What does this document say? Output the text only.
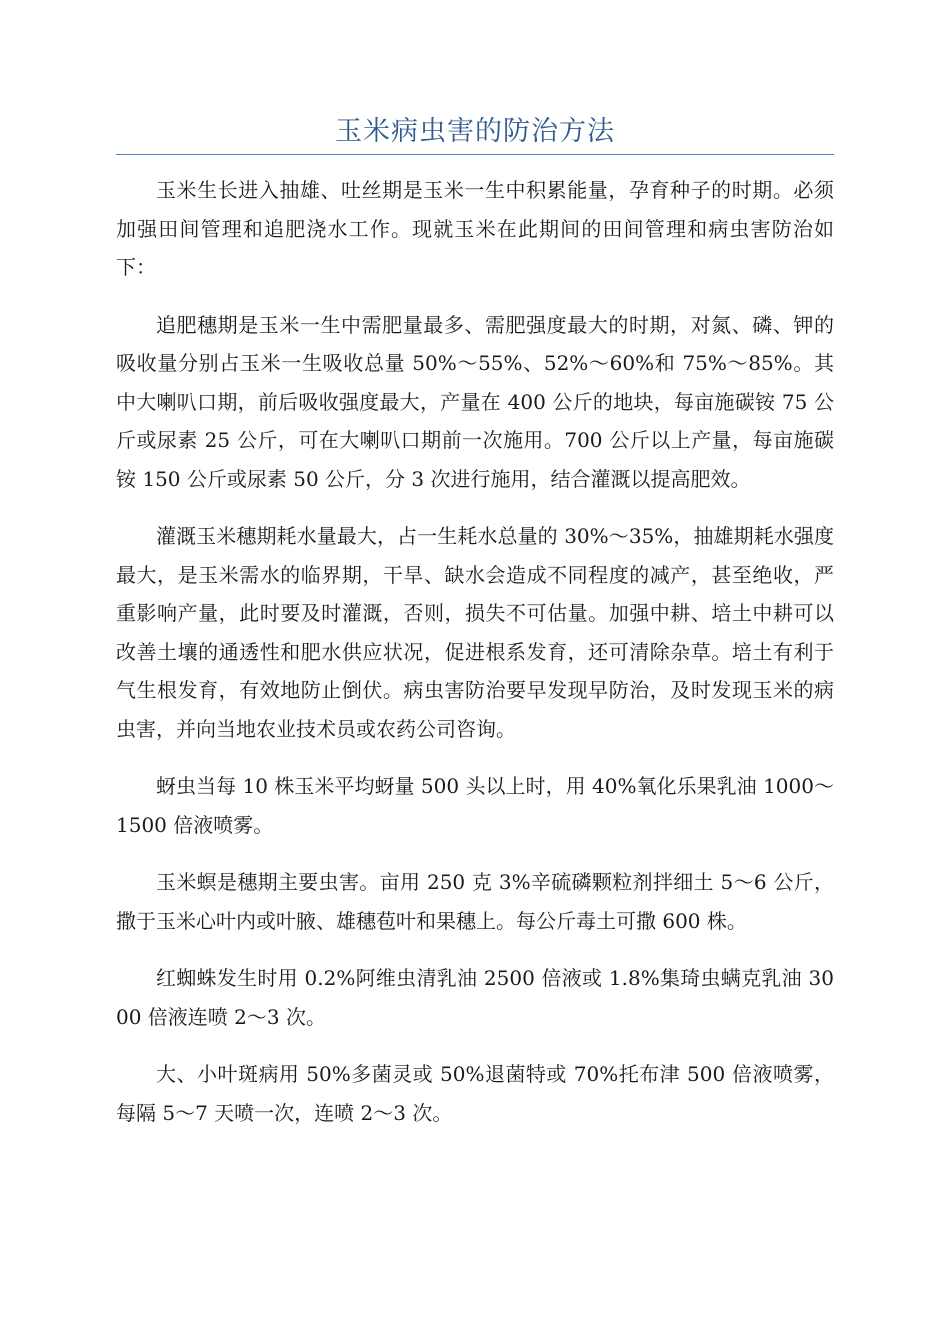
玉米病虫害的防治方法

玉米生长进入抽雄、吐丝期是玉米一生中积累能量，孕育种子的时期。必须加强田间管理和追肥浇水工作。现就玉米在此期间的田间管理和病虫害防治如下：

追肥穗期是玉米一生中需肥量最多、需肥强度最大的时期，对氮、磷、钾的吸收量分别占玉米一生吸收总量 50%～55%、52%～60%和 75%～85%。其中大喇叭口期，前后吸收强度最大，产量在 400 公斤的地块，每亩施碳铵 75 公斤或尿素 25 公斤，可在大喇叭口期前一次施用。700 公斤以上产量，每亩施碳铵 150 公斤或尿素 50 公斤，分 3 次进行施用，结合灌溉以提高肥效。

灌溉玉米穗期耗水量最大，占一生耗水总量的 30%～35%，抽雄期耗水强度最大，是玉米需水的临界期，干旱、缺水会造成不同程度的减产，甚至绝收，严重影响产量，此时要及时灌溉，否则，损失不可估量。加强中耕、培土中耕可以改善土壤的通透性和肥水供应状况，促进根系发育，还可清除杂草。培土有利于气生根发育，有效地防止倒伏。病虫害防治要早发现早防治，及时发现玉米的病虫害，并向当地农业技术员或农药公司咨询。

蚜虫当每 10 株玉米平均蚜量 500 头以上时，用 40%氧化乐果乳油 1000～1500 倍液喷雾。

玉米螟是穗期主要虫害。亩用 250 克 3%辛硫磷颗粒剂拌细土 5～6 公斤，撒于玉米心叶内或叶腋、雄穗苞叶和果穗上。每公斤毒土可撒 600 株。

红蜘蛛发生时用 0.2%阿维虫清乳油 2500 倍液或 1.8%集琦虫螨克乳油 3000 倍液连喷 2～3 次。

大、小叶斑病用 50%多菌灵或 50%退菌特或 70%托布津 500 倍液喷雾，每隔 5～7 天喷一次，连喷 2～3 次。
